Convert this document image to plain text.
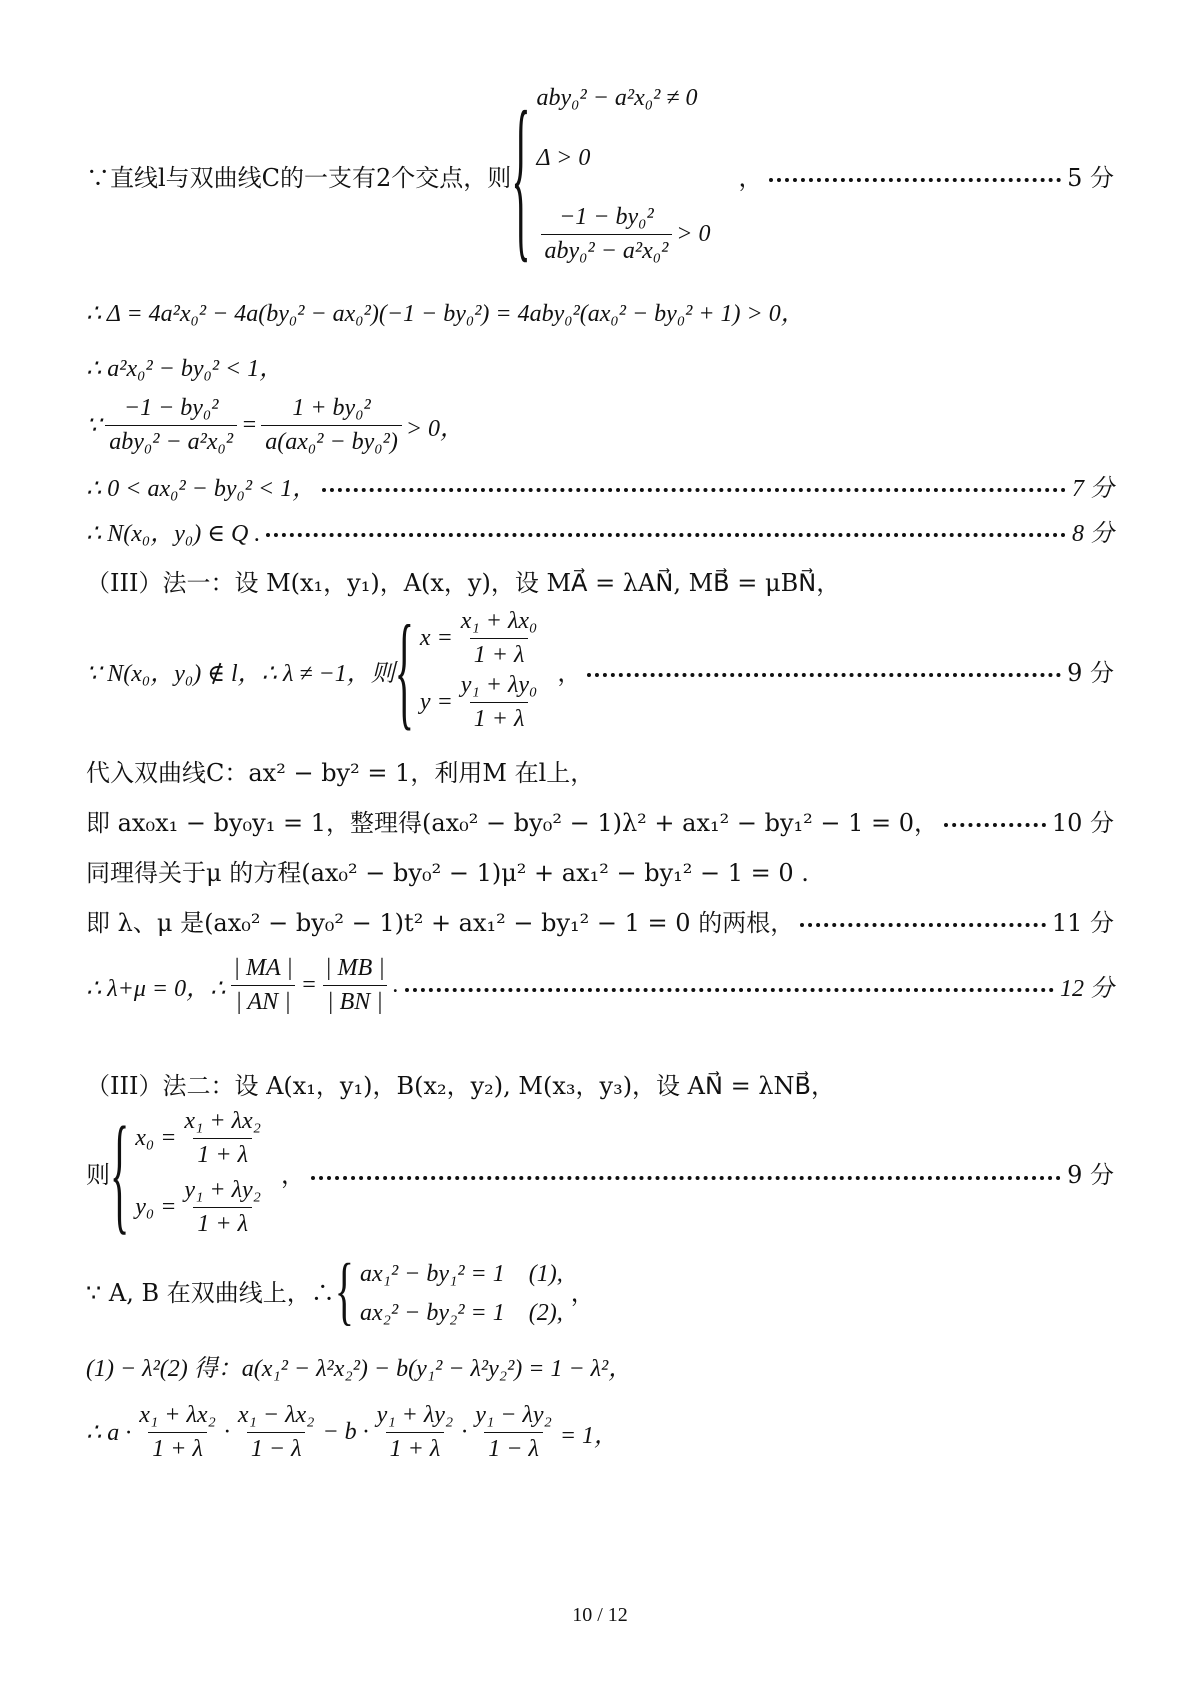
∵直线l与双曲线C的一支有2个交点，则 { aby₀² − a²x₀² ≠ 0
Δ > 0
$\frac{\text{−1 − by₀²}}{\text{aby₀² − a²x₀²}} > 0$
，	5 分
∴ Δ = 4a²x₀² − 4a(by₀² − ax₀²)(−1 − by₀²) = 4aby₀²(ax₀² − by₀² + 1) > 0，
∴ a²x₀² − by₀² < 1，
∵ $\frac{\text{−1 − by₀²}}{\text{aby₀² − a²x₀²}} = \frac{\text{1 + by₀²}}{\text{a(ax₀² − by₀²)}} > 0$，
∴ 0 < ax₀² − by₀² < 1，	7 分
∴ N(x₀，y₀) ∈ Q .	8 分
（III）法一：设 M(x₁，y₁)，A(x，y)，设 MA⃗ = λAN⃗, MB⃗ = μBN⃗，
∵ N(x₀，y₀) ∉ l，∴ λ ≠ −1，则 { $x = \frac{\text{x₁ + λx₀}}{1 + \lambda}$
$y = \frac{\text{y₁ + λy₀}}{1 + \lambda}$ ，	9 分
代入双曲线C：ax² − by² = 1，利用M 在l上，
即 ax₀x₁ − by₀y₁ = 1，整理得(ax₀² − by₀² − 1)λ² + ax₁² − by₁² − 1 = 0，	10 分
同理得关于μ 的方程(ax₀² − by₀² − 1)μ² + ax₁² − by₁² − 1 = 0 .
即 λ、μ 是(ax₀² − by₀² − 1)t² + ax₁² − by₁² − 1 = 0 的两根，	11 分
∴ λ+μ = 0，∴ $\frac{| MA |}{| AN |} = \frac{| MB |}{| BN |}$ .	12 分
（III）法二：设 A(x₁，y₁)，B(x₂，y₂), M(x₃，y₃)，设 AN⃗ = λNB⃗，
则 { $x_0 = \frac{\text{x₁ + λx₂}}{1 + \lambda}$
$y_0 = \frac{\text{y₁ + λy₂}}{1 + \lambda}$
，	9 分
∵ A, B 在双曲线上，∴ { ax₁² − by₁² = 1　(1),
ax₂² − by₂² = 1　(2),
，
(1) − λ²(2) 得：a(x₁² − λ²x₂²) − b(y₁² − λ²y₂²) = 1 − λ²，
∴ $a \cdot \frac{\text{x₁ + λx₂}}{1 + \lambda} \cdot \frac{\text{x₁ − λx₂}}{1 - \lambda} - b \cdot \frac{\text{y₁ + λy₂}}{1 + \lambda} \cdot \frac{\text{y₁ − λy₂}}{1 - \lambda} = 1$，
10 / 12
